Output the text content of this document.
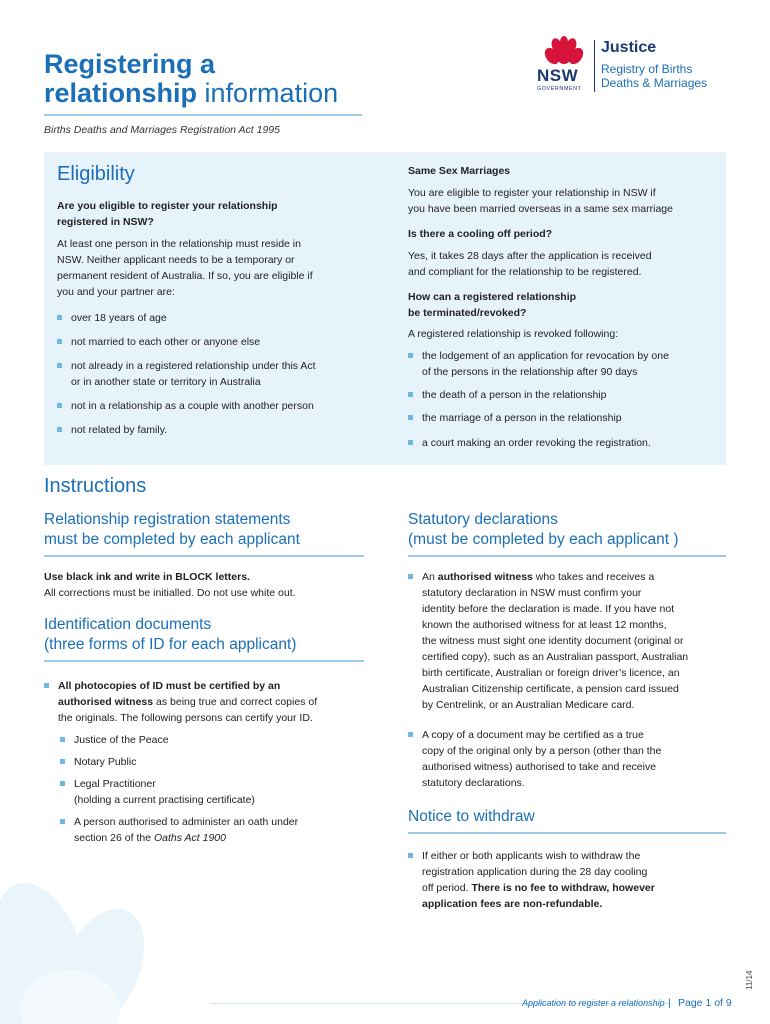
Registering a
relationship information
Births Deaths and Marriages Registration Act 1995
NSW
GOVERNMENT
Justice
Registry of Births
Deaths & Marriages
Eligibility
Are you eligible to register your relationship
registered in NSW?
At least one person in the relationship must reside in
NSW. Neither applicant needs to be a temporary or
permanent resident of Australia. If so, you are eligible if
you and your partner are:
over 18 years of age
not married to each other or anyone else
not already in a registered relationship under this Act
or in another state or territory in Australia
not in a relationship as a couple with another person
not related by family.
Same Sex Marriages
You are eligible to register your relationship in NSW if
you have been married overseas in a same sex marriage
Is there a cooling off period?
Yes, it takes 28 days after the application is received
and compliant for the relationship to be registered.
How can a registered relationship
be terminated/revoked?
A registered relationship is revoked following:
the lodgement of an application for revocation by one
of the persons in the relationship after 90 days
the death of a person in the relationship
the marriage of a person in the relationship
a court making an order revoking the registration.
Instructions
Relationship registration statements
must be completed by each applicant
Use black ink and write in BLOCK letters.
All corrections must be initialled. Do not use white out.
Identification documents
(three forms of ID for each applicant)
All photocopies of ID must be certified by an
authorised witness as being true and correct copies of
the originals. The following persons can certify your ID.
Justice of the Peace
Notary Public
Legal Practitioner
(holding a current practising certificate)
A person authorised to administer an oath under
section 26 of the Oaths Act 1900
Statutory declarations
(must be completed by each applicant )
An authorised witness who takes and receives a
statutory declaration in NSW must confirm your
identity before the declaration is made. If you have not
known the authorised witness for at least 12 months,
the witness must sight one identity document (original or
certified copy), such as an Australian passport, Australian
birth certificate, Australian or foreign driver’s licence, an
Australian Citizenship certificate, a pension card issued
by Centrelink, or an Australian Medicare card.
A copy of a document may be certified as a true
copy of the original only by a person (other than the
authorised witness) authorised to take and receive
statutory declarations.
Notice to withdraw
If either or both applicants wish to withdraw the
registration application during the 28 day cooling
off period. There is no fee to withdraw, however
application fees are non-refundable.
Application to register a relationship | Page 1 of 9
11/14
